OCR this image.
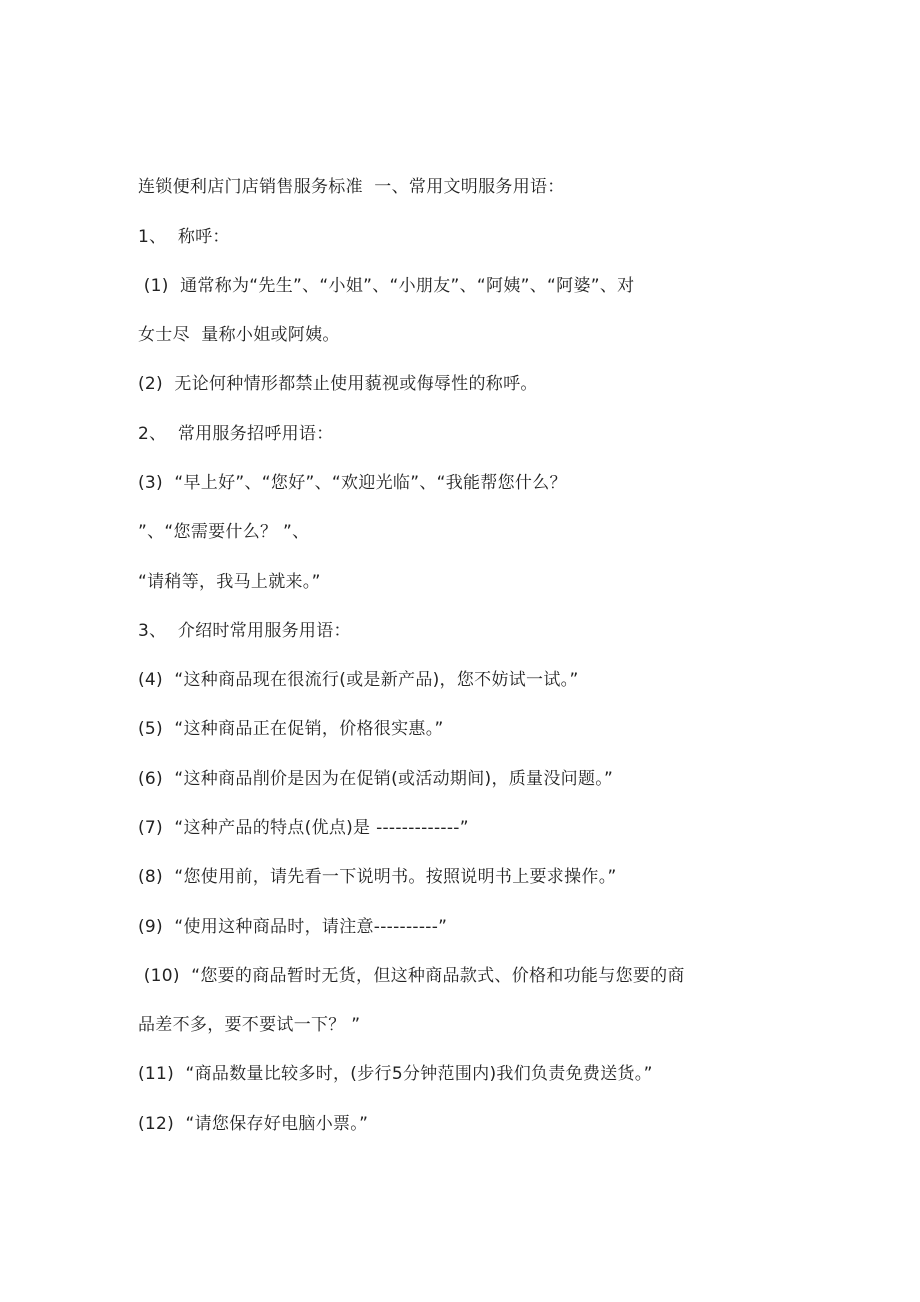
连锁便利店门店销售服务标准  一、常用文明服务用语：
1、  称呼：
(1)  通常称为“先生”、“小姐”、“小朋友”、“阿姨”、“阿婆”、对
女士尽  量称小姐或阿姨。
(2)  无论何种情形都禁止使用藐视或侮辱性的称呼。
2、  常用服务招呼用语：
(3)  “早上好”、“您好”、“欢迎光临”、“我能帮您什么？
”、“您需要什么？ ”、
“请稍等，我马上就来。”
3、  介绍时常用服务用语：
(4)  “这种商品现在很流行(或是新产品)，您不妨试一试。”
(5)  “这种商品正在促销，价格很实惠。”
(6)  “这种商品削价是因为在促销(或活动期间)，质量没问题。”
(7)  “这种产品的特点(优点)是 -------------”
(8)  “您使用前，请先看一下说明书。按照说明书上要求操作。”
(9)  “使用这种商品时，请注意----------”
(10)  “您要的商品暂时无货，但这种商品款式、价格和功能与您要的商
品差不多，要不要试一下？ ”
(11)  “商品数量比较多时，(步行5分钟范围内)我们负责免费送货。”
(12)  “请您保存好电脑小票。”
